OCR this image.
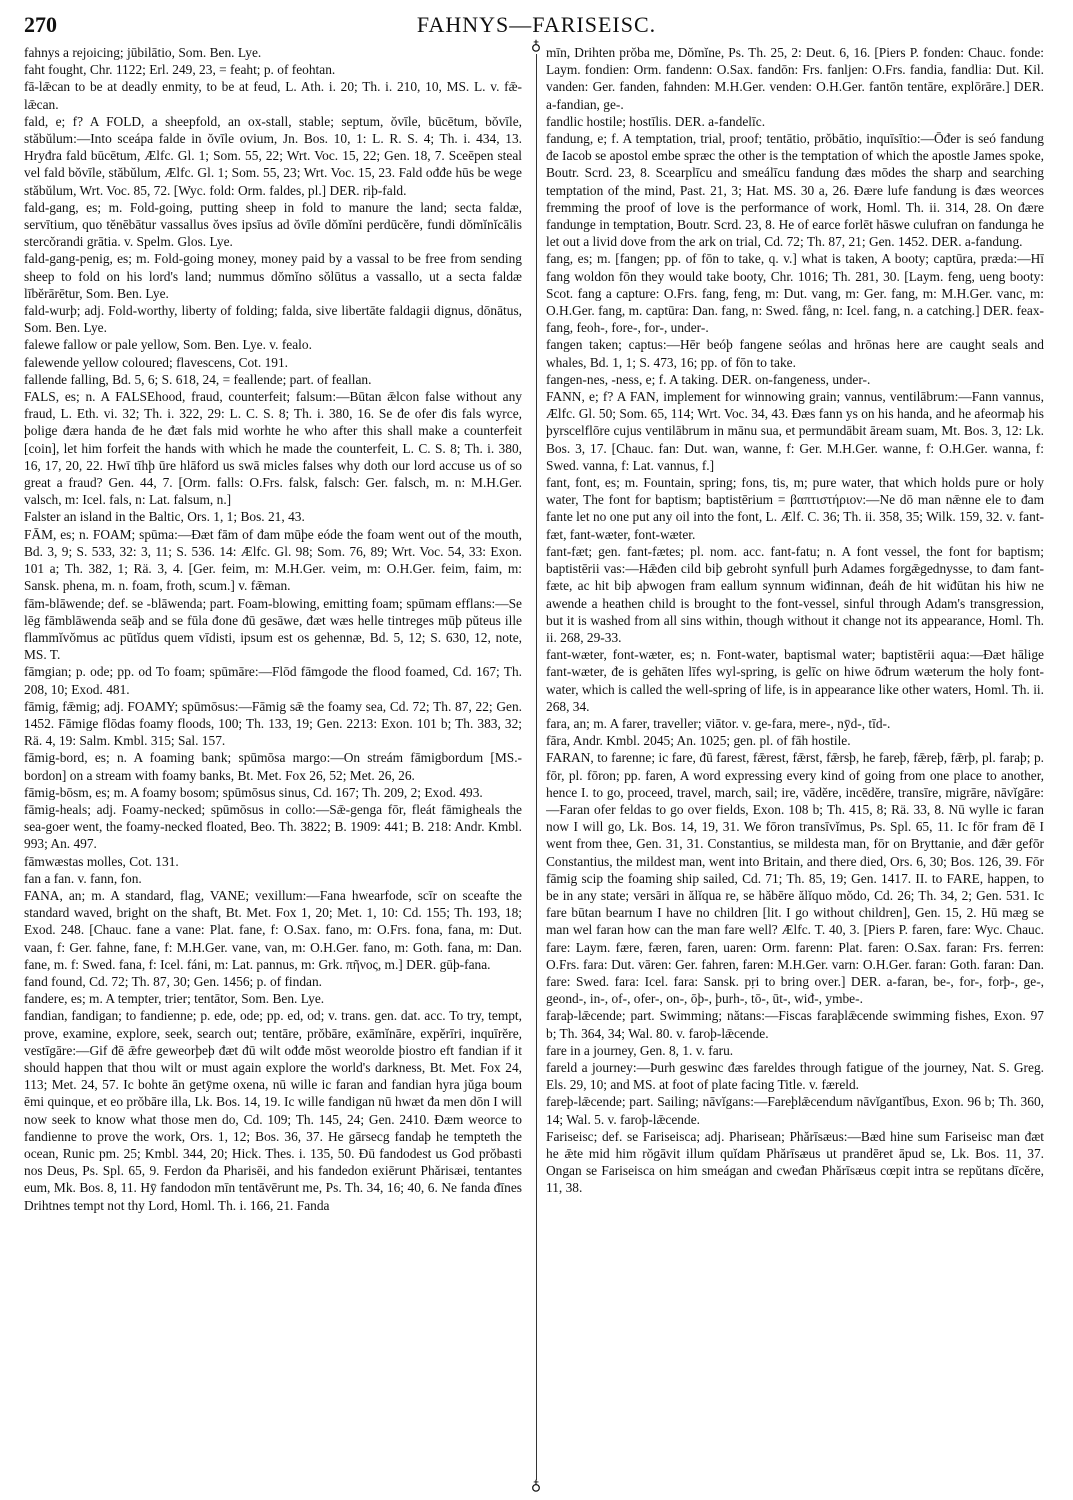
270	FAHNYS—FARISEISC.

fahnys a rejoicing; jūbilātio, Som. Ben. Lye.

faht fought, Chr. 1122; Erl. 249, 23, = feaht; p. of feohtan.

fā-lǣcan to be at deadly enmity, to be at feud, L. Ath. i. 20; Th. i. 210, 10, MS. L. v. fǣ-lǣcan.

fald, e; f? A FOLD, a sheepfold, an ox-stall, stable; septum, ŏvīle, būcētum, bŏvīle, stăbŭlum:—Into sceápa falde in ŏvīle ovium, Jn. Bos. 10, 1: L. R. S. 4; Th. i. 434, 13. Hryđra fald būcētum, Ælfc. Gl. 1; Som. 55, 22; Wrt. Voc. 15, 22; Gen. 18, 7. Sceēpen steal vel fald bŏvīle, stăbŭlum, Ælfc. Gl. 1; Som. 55, 23; Wrt. Voc. 15, 23. Fald ođđe hūs be wege stăbŭlum, Wrt. Voc. 85, 72. [Wyc. fold: Orm. faldes, pl.] DER. riþ-fald.

fald-gang, es; m. Fold-going, putting sheep in fold to manure the land; secta faldæ, servītium, quo tĕnēbātur vassallus ŏves ipsīus ad ŏvīle dŏmĭni perdūcĕre, fundi dŏmĭnĭcālis stercŏrandi grātia. v. Spelm. Glos. Lye.

fald-gang-penig, es; m. Fold-going money, money paid by a vassal to be free from sending sheep to fold on his lord's land; nummus dŏmĭno sŏlūtus a vassallo, ut a secta faldæ lībĕrārētur, Som. Ben. Lye.

fald-wurþ; adj. Fold-worthy, liberty of folding; falda, sive libertāte faldagii dignus, dōnātus, Som. Ben. Lye.

falewe fallow or pale yellow, Som. Ben. Lye. v. fealo.

falewende yellow coloured; flavescens, Cot. 191.

fallende falling, Bd. 5, 6; S. 618, 24, = feallende; part. of feallan.

FALS, es; n. A FALSEhood, fraud, counterfeit; falsum:—Būtan ǣlcon false without any fraud, L. Eth. vi. 32; Th. i. 322, 29: L. C. S. 8; Th. i. 380, 16. Se đe ofer đis fals wyrce, þolige đæra handa đe he đæt fals mid worhte he who after this shall make a counterfeit [coin], let him forfeit the hands with which he made the counterfeit, L. C. S. 8; Th. i. 380, 16, 17, 20, 22. Hwī tīhþ ūre hlāford us swā micles falses why doth our lord accuse us of so great a fraud? Gen. 44, 7. [Orm. falls: O.Frs. falsk, falsch: Ger. falsch, m. n: M.H.Ger. valsch, m: Icel. fals, n: Lat. falsum, n.]

Falster an island in the Baltic, Ors. 1, 1; Bos. 21, 43.

FĀM, es; n. FOAM; spūma:—Đæt fām of đam mūþe eóde the foam went out of the mouth, Bd. 3, 9; S. 533, 32: 3, 11; S. 536. 14: Ælfc. Gl. 98; Som. 76, 89; Wrt. Voc. 54, 33: Exon. 101 a; Th. 382, 1; Rä. 3, 4. [Ger. feim, m: M.H.Ger. veim, m: O.H.Ger. feim, faim, m: Sansk. phena, m. n. foam, froth, scum.] v. fǣman.

fām-blāwende; def. se -blāwenda; part. Foam-blowing, emitting foam; spūmam efflans:—Se lēg fāmblāwenda seāþ and se fūla đone đū gesāwe, đæt wæs helle tintreges mūþ pŭteus ille flammĭvŏmus ac pūtĭdus quem vīdisti, ipsum est os gehennæ, Bd. 5, 12; S. 630, 12, note, MS. T.

fāmgian; p. ode; pp. od To foam; spūmāre:—Flōd fāmgode the flood foamed, Cd. 167; Th. 208, 10; Exod. 481.

fāmig, fǣmig; adj. FOAMY; spūmōsus:—Fāmig sǣ the foamy sea, Cd. 72; Th. 87, 22; Gen. 1452. Fāmige flōdas foamy floods, 100; Th. 133, 19; Gen. 2213: Exon. 101 b; Th. 383, 32; Rä. 4, 19: Salm. Kmbl. 315; Sal. 157.

fāmig-bord, es; n. A foaming bank; spūmōsa margo:—On streám fāmigbordum [MS.-bordon] on a stream with foamy banks, Bt. Met. Fox 26, 52; Met. 26, 26.

fāmig-bōsm, es; m. A foamy bosom; spūmōsus sinus, Cd. 167; Th. 209, 2; Exod. 493.

fāmig-heals; adj. Foamy-necked; spūmōsus in collo:—Sǣ-genga fōr, fleát fāmigheals the sea-goer went, the foamy-necked floated, Beo. Th. 3822; B. 1909: 441; B. 218: Andr. Kmbl. 993; An. 497.

fāmwæstas molles, Cot. 131.

fan a fan. v. fann, fon.

FANA, an; m. A standard, flag, VANE; vexillum:—Fana hwearfode, scīr on sceafte the standard waved, bright on the shaft, Bt. Met. Fox 1, 20; Met. 1, 10: Cd. 155; Th. 193, 18; Exod. 248. [Chauc. fane a vane: Plat. fane, f: O.Sax. fano, m: O.Frs. fona, fana, m: Dut. vaan, f: Ger. fahne, fane, f: M.H.Ger. vane, van, m: O.H.Ger. fano, m: Goth. fana, m: Dan. fane, m. f: Swed. fana, f: Icel. fáni, m: Lat. pannus, m: Grk. πῆνος, m.] DER. gūþ-fana.

fand found, Cd. 72; Th. 87, 30; Gen. 1456; p. of findan.

fandere, es; m. A tempter, trier; tentātor, Som. Ben. Lye.

fandian, fandigan; to fandienne; p. ede, ode; pp. ed, od; v. trans. gen. dat. acc. To try, tempt, prove, examine, explore, seek, search out; tentāre, prŏbāre, exāmĭnāre, expĕrīri, inquīrĕre, vestīgāre:—Gif đē ǣfre geweorþeþ đæt đū wilt ođđe mōst weorolde þiostro eft fandian if it should happen that thou wilt or must again explore the world's darkness, Bt. Met. Fox 24, 113; Met. 24, 57. Ic bohte ān getȳme oxena, nū wille ic faran and fandian hyra jŭga boum ēmi quinque, et eo prŏbāre illa, Lk. Bos. 14, 19. Ic wille fandigan nū hwæt đa men dōn I will now seek to know what those men do, Cd. 109; Th. 145, 24; Gen. 2410. Đæm weorce to fandienne to prove the work, Ors. 1, 12; Bos. 36, 37. He gārsecg fandaþ he tempteth the ocean, Runic pm. 25; Kmbl. 344, 20; Hick. Thes. i. 135, 50. Đū fandodest us God prŏbasti nos Deus, Ps. Spl. 65, 9. Ferdon đa Pharisēi, and his fandedon exiērunt Phărisæi, tentantes eum, Mk. Bos. 8, 11. Hȳ fandodon mīn tentāvērunt me, Ps. Th. 34, 16; 40, 6. Ne fanda đīnes Drihtnes tempt not thy Lord, Homl. Th. i. 166, 21. Fanda

♁
♁

mīn, Drihten prŏba me, Dŏmĭne, Ps. Th. 25, 2: Deut. 6, 16. [Piers P. fonden: Chauc. fonde: Laym. fondien: Orm. fandenn: O.Sax. fandōn: Frs. fanljen: O.Frs. fandia, fandlia: Dut. Kil. vanden: Ger. fanden, fahnden: M.H.Ger. venden: O.H.Ger. fantōn tentāre, explōrāre.] DER. a-fandian, ge-.

fandlic hostile; hostīlis. DER. a-fandelīc.

fandung, e; f. A temptation, trial, proof; tentātio, prŏbātio, inquīsītio:—Ōđer is seó fandung đe Iacob se apostol embe spræc the other is the temptation of which the apostle James spoke, Boutr. Scrd. 23, 8. Scearplīcu and smeálīcu fandung đæs mōdes the sharp and searching temptation of the mind, Past. 21, 3; Hat. MS. 30 a, 26. Đære lufe fandung is đæs weorces fremming the proof of love is the performance of work, Homl. Th. ii. 314, 28. On đære fandunge in temptation, Boutr. Scrd. 23, 8. He of earce forlēt hāswe culufran on fandunga he let out a livid dove from the ark on trial, Cd. 72; Th. 87, 21; Gen. 1452. DER. a-fandung.

fang, es; m. [fangen; pp. of fōn to take, q. v.] what is taken, A booty; captūra, præda:—Hī fang woldon fōn they would take booty, Chr. 1016; Th. 281, 30. [Laym. feng, ueng booty: Scot. fang a capture: O.Frs. fang, feng, m: Dut. vang, m: Ger. fang, m: M.H.Ger. vanc, m: O.H.Ger. fang, m. captūra: Dan. fang, n: Swed. fång, n: Icel. fang, n. a catching.] DER. feax-fang, feoh-, fore-, for-, under-.

fangen taken; captus:—Hēr beóþ fangene seólas and hrōnas here are caught seals and whales, Bd. 1, 1; S. 473, 16; pp. of fōn to take.

fangen-nes, -ness, e; f. A taking. DER. on-fangeness, under-.

FANN, e; f? A FAN, implement for winnowing grain; vannus, ventilābrum:—Fann vannus, Ælfc. Gl. 50; Som. 65, 114; Wrt. Voc. 34, 43. Đæs fann ys on his handa, and he afeormaþ his þyrscelflōre cujus ventilābrum in mānu sua, et permundābit āream suam, Mt. Bos. 3, 12: Lk. Bos. 3, 17. [Chauc. fan: Dut. wan, wanne, f: Ger. M.H.Ger. wanne, f: O.H.Ger. wanna, f: Swed. vanna, f: Lat. vannus, f.]

fant, font, es; m. Fountain, spring; fons, tis, m; pure water, that which holds pure or holy water, The font for baptism; baptistērium = βαπτιστήριον:—Ne dō man nǣnne ele to đam fante let no one put any oil into the font, L. Ælf. C. 36; Th. ii. 358, 35; Wilk. 159, 32. v. fant-fæt, fant-wæter, font-wæter.

fant-fæt; gen. fant-fætes; pl. nom. acc. fant-fatu; n. A font vessel, the font for baptism; baptistērii vas:—Hǣđen cild biþ gebroht synfull þurh Adames forgǣgednysse, to đam fant-fæte, ac hit biþ aþwogen fram eallum synnum wiđinnan, đeáh đe hit wiđūtan his hiw ne awende a heathen child is brought to the font-vessel, sinful through Adam's transgression, but it is washed from all sins within, though without it change not its appearance, Homl. Th. ii. 268, 29-33.

fant-wæter, font-wæter, es; n. Font-water, baptismal water; baptistērii aqua:—Đæt hālige fant-wæter, đe is gehāten līfes wyl-spring, is gelīc on hiwe ōđrum wæterum the holy font-water, which is called the well-spring of life, is in appearance like other waters, Homl. Th. ii. 268, 34.

fara, an; m. A farer, traveller; viātor. v. ge-fara, mere-, nȳd-, tīd-.

fāra, Andr. Kmbl. 2045; An. 1025; gen. pl. of fāh hostile.

FARAN, to farenne; ic fare, đū farest, fǣrest, fǣrst, fǣrsþ, he fareþ, fǣreþ, fǣrþ, pl. faraþ; p. fōr, pl. fōron; pp. faren, A word expressing every kind of going from one place to another, hence I. to go, proceed, travel, march, sail; ire, vādĕre, incēdĕre, transīre, migrāre, nāvĭgāre:—Faran ofer feldas to go over fields, Exon. 108 b; Th. 415, 8; Rä. 33, 8. Nū wylle ic faran now I will go, Lk. Bos. 14, 19, 31. We fōron transīvĭmus, Ps. Spl. 65, 11. Ic fōr fram đē I went from thee, Gen. 31, 31. Constantius, se mildesta man, fōr on Bryttanie, and đǣr gefōr Constantius, the mildest man, went into Britain, and there died, Ors. 6, 30; Bos. 126, 39. Fōr fāmig scip the foaming ship sailed, Cd. 71; Th. 85, 19; Gen. 1417. II. to FARE, happen, to be in any state; versāri in ălĭqua re, se hăbēre ălĭquo mŏdo, Cd. 26; Th. 34, 2; Gen. 531. Ic fare būtan bearnum I have no children [lit. I go without children], Gen. 15, 2. Hū mæg se man wel faran how can the man fare well? Ælfc. T. 40, 3. [Piers P. faren, fare: Wyc. Chauc. fare: Laym. fære, færen, faren, uaren: Orm. farenn: Plat. faren: O.Sax. faran: Frs. ferren: O.Frs. fara: Dut. vāren: Ger. fahren, faren: M.H.Ger. varn: O.H.Ger. faran: Goth. faran: Dan. fare: Swed. fara: Icel. fara: Sansk. pṛi to bring over.] DER. a-faran, be-, for-, forþ-, ge-, geond-, in-, of-, ofer-, on-, ōþ-, þurh-, tō-, ūt-, wiđ-, ymbe-.

faraþ-lǣcende; part. Swimming; nătans:—Fiscas faraþlǣcende swimming fishes, Exon. 97 b; Th. 364, 34; Wal. 80. v. faroþ-lǣcende.

fare in a journey, Gen. 8, 1. v. faru.

fareld a journey:—Þurh geswinc đæs fareldes through fatigue of the journey, Nat. S. Greg. Els. 29, 10; and MS. at foot of plate facing Title. v. færeld.

fareþ-lǣcende; part. Sailing; nāvĭgans:—Fareþlǣcendum nāvĭgantĭbus, Exon. 96 b; Th. 360, 14; Wal. 5. v. faroþ-lǣcende.

Fariseisc; def. se Fariseisca; adj. Pharisean; Phărīsæus:—Bæd hine sum Fariseisc man đæt he ǣte mid him rŏgāvit illum quĭdam Phărīsæus ut prandēret āpud se, Lk. Bos. 11, 37. Ongan se Fariseisca on him smeágan and cweđan Phărīsæus cœpit intra se repŭtans dīcĕre, 11, 38.
